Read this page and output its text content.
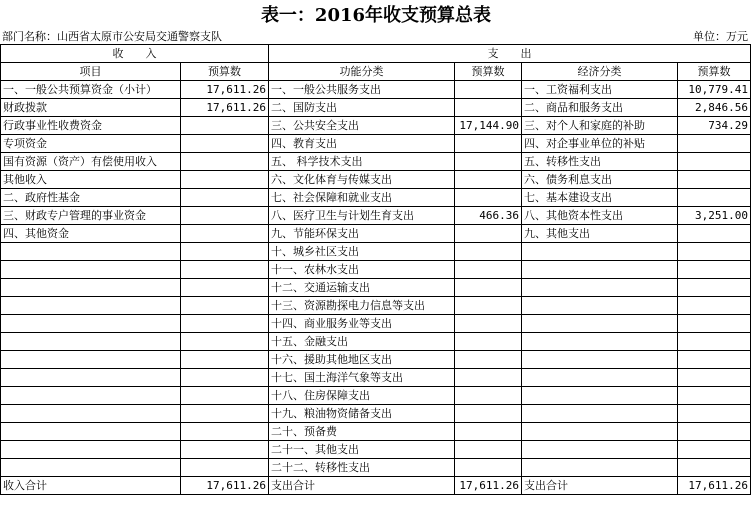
表一：2016年收支预算总表
部门名称：山西省太原市公安局交通警察支队	单位：万元
收　　入		支　　出			
项目	预算数	功能分类	预算数	经济分类	预算数
一、一般公共预算资金（小计）	17,611.26	一、一般公共服务支出		一、工资福利支出	10,779.41
财政拨款	17,611.26	二、国防支出		二、商品和服务支出	2,846.56
行政事业性收费资金		三、公共安全支出	17,144.90	三、对个人和家庭的补助	734.29
专项资金		四、教育支出		四、对企事业单位的补贴	
国有资源（资产）有偿使用收入		五、 科学技术支出		五、转移性支出	
其他收入		六、文化体育与传媒支出		六、债务利息支出	
二、政府性基金		七、社会保障和就业支出		七、基本建设支出	
三、财政专户管理的事业资金		八、医疗卫生与计划生育支出	466.36	八、其他资本性支出	3,251.00
四、其他资金		九、节能环保支出		九、其他支出	
		十、城乡社区支出			
		十一、农林水支出			
		十二、交通运输支出			
		十三、资源勘探电力信息等支出			
		十四、商业服务业等支出			
		十五、金融支出			
		十六、援助其他地区支出			
		十七、国土海洋气象等支出			
		十八、住房保障支出			
		十九、粮油物资储备支出			
		二十、预备费			
		二十一、其他支出			
		二十二、转移性支出			
收入合计	17,611.26	支出合计	17,611.26	支出合计	17,611.26
